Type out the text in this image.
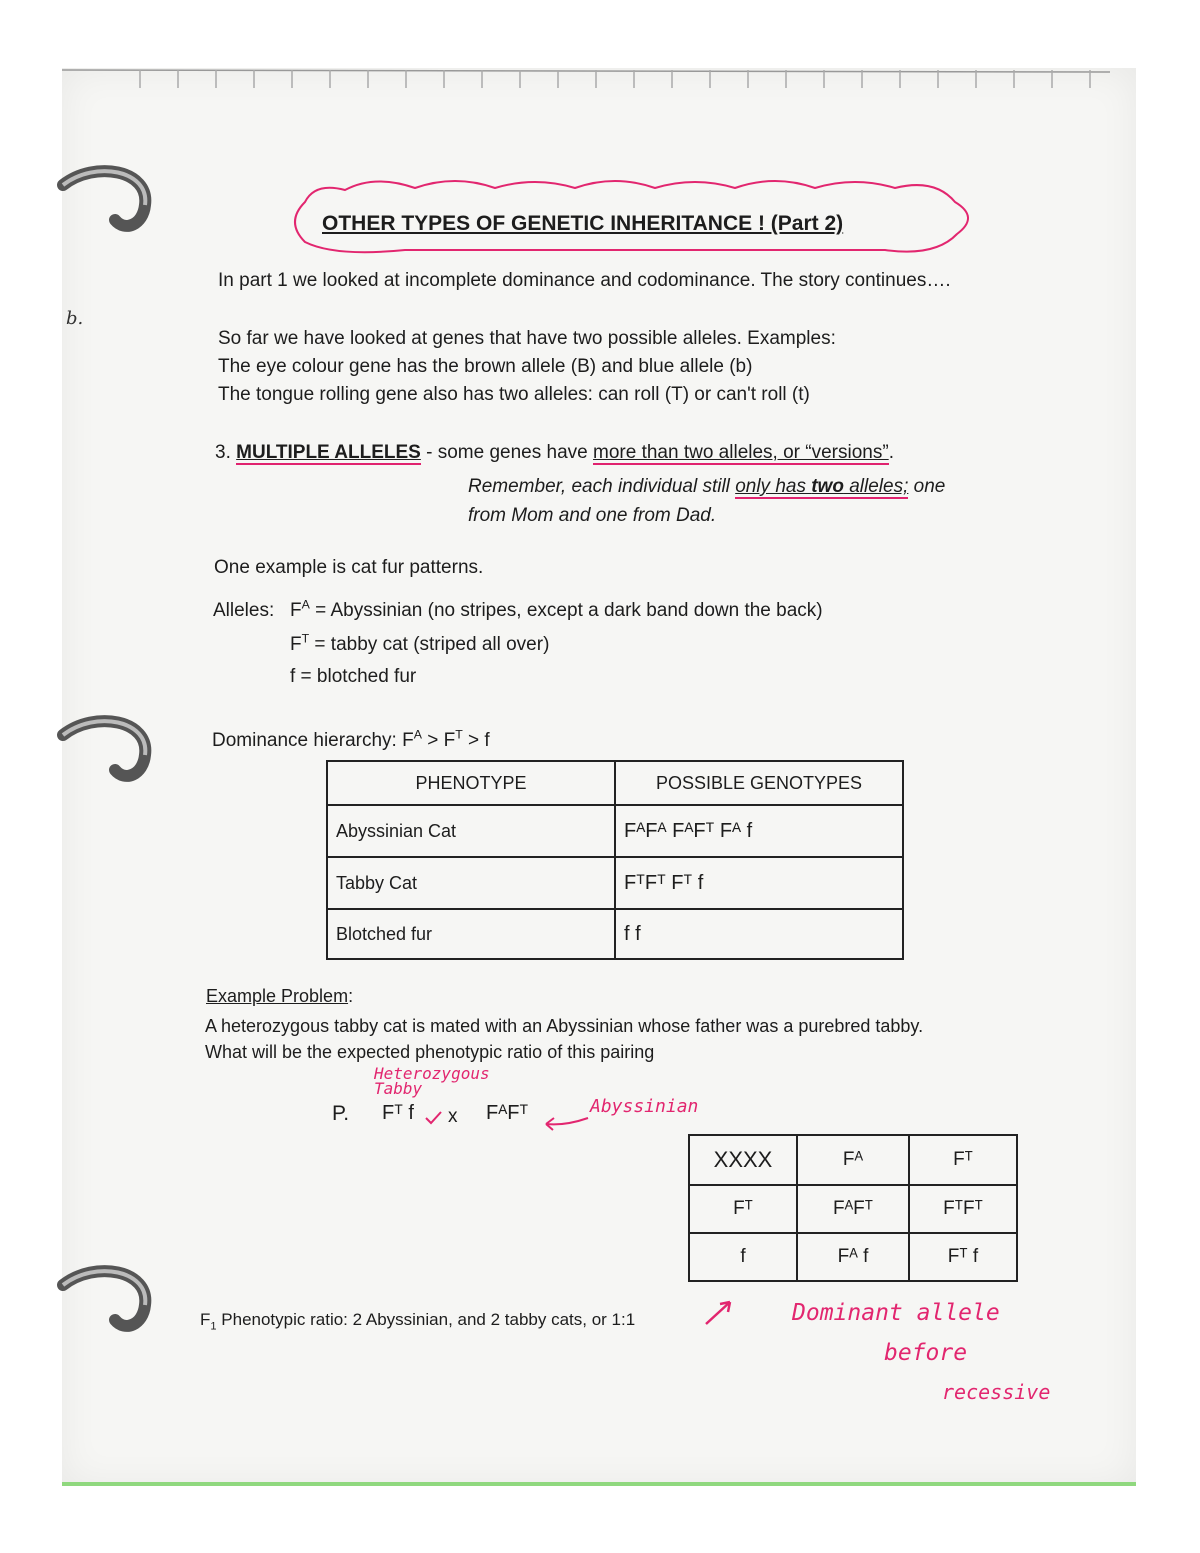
b.
OTHER TYPES OF GENETIC INHERITANCE ! (Part 2)
In part 1 we looked at incomplete dominance and codominance. The story continues….
So far we have looked at genes that have two possible alleles. Examples:
The eye colour gene has the brown allele (B) and blue allele (b)
The tongue rolling gene also has two alleles: can roll (T) or can't roll (t)
3. MULTIPLE ALLELES - some genes have more than two alleles, or “versions”.
Remember, each individual still only has two alleles; one
from Mom and one from Dad.
One example is cat fur patterns.
Alleles: $F^A$ = Abyssinian (no stripes, except a dark band down the back)
$F^T$ = tabby cat (striped all over)
f = blotched fur
Dominance hierarchy: $F^A > F^T > f$
PHENOTYPE	POSSIBLE GENOTYPES
Abyssinian Cat	FᴬFᴬ FᴬFᵀ Fᴬ f
Tabby Cat	FᵀFᵀ Fᵀ f
Blotched fur	f f
Example Problem:
A heterozygous tabby cat is mated with an Abyssinian whose father was a purebred tabby.
What will be the expected phenotypic ratio of this pairing
Heterozygous
Tabby
P. Fᵀ f x FᴬFᵀ	Abyssinian
XXXX	Fᴬ	Fᵀ
Fᵀ	FᴬFᵀ	FᵀFᵀ
f	Fᴬ f	Fᵀ f
$F_1$ Phenotypic ratio: 2 Abyssinian, and 2 tabby cats, or 1:1	Dominant allele
before
recessive
